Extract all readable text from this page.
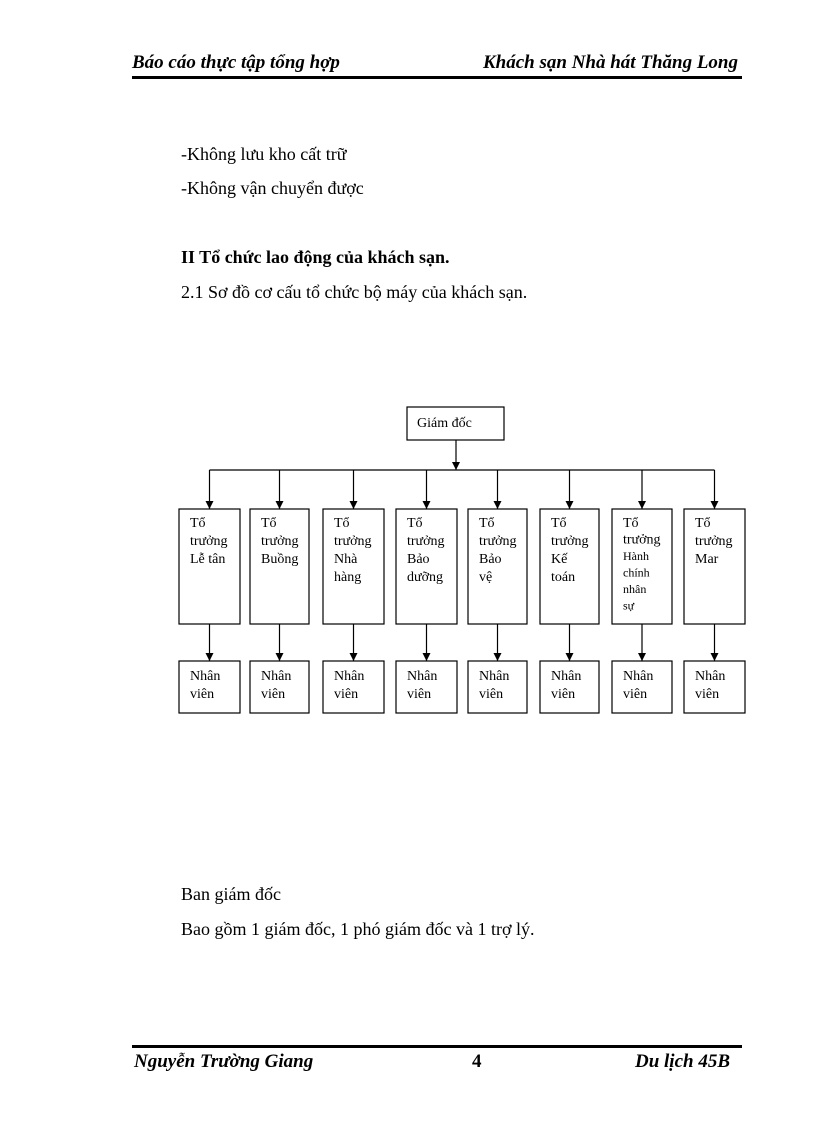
Báo cáo thực tập tổng hợp	Khách sạn Nhà hát Thăng Long
-Không lưu kho cất trữ
-Không vận chuyển được
II Tổ chức lao động của khách sạn.
2.1 Sơ đồ cơ cấu tổ chức bộ máy của khách sạn.
Giám đốc
Tổ
trưởng
Lễ tân
Nhân
viên
Tổ
trưởng
Buồng
Nhân
viên
Tổ
trưởng
Nhà
hàng
Nhân
viên
Tổ
trưởng
Bảo
dưỡng
Nhân
viên
Tổ
trưởng
Bảo
vệ
Nhân
viên
Tổ
trưởng
Kế
toán
Nhân
viên
Tổ
trưởng
Hành
chính
nhân
sự
Nhân
viên
Tổ
trưởng
Mar
Nhân
viên
Ban giám đốc
Bao gồm 1 giám đốc, 1 phó giám đốc và 1 trợ lý.
Nguyễn Trường Giang	4	Du lịch 45B
